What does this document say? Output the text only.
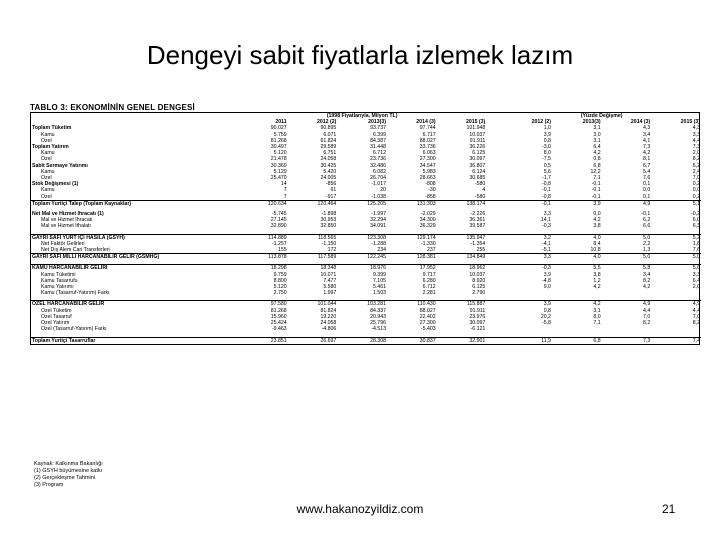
Dengeyi sabit fiyatlarla izlemek lazım
TABLO 3: EKONOMİNİN GENEL DENGESİ
	(1998 Fiyatlarıyla, Milyon TL)						(Yüzde Değişme)			
	2011	2012 (2)	2013(3)	2014 (3)	2015 (3)		2012 (2)	2013(3)	2014 (3)	2015 (3)
Toplam Tüketim	90.027	90.895	93.737	97.744	101.948		1,0	3,1	4,3	4,3
Kamu	5.759	6.071	6.399	6.717	10.037		3,9	3,0	3,4	3,3
Özel	81.268	61.824	84.387	88.027	91.911		0,8	3,1	4,1	4,4
Toplam Yatırım	30.497	29.589	31.448	33.736	36.226		-3,0	6,4	7,3	7,3
Kamu	5.120	6.751	6.712	6.063	6.125		8,0	4,2	4,2	2,0
Özel	21.478	24.058	23.736	27.300	30.097		-7,5	0,8	8,1	8,2
Sabit Sermaye Yatırımı	30.369	30.425	32.486	34.547	36.807		0,5	6,8	6,7	6,2
Kamu	5.129	5.420	6.082	5.983	6.124		5,6	12,2	5,4	2,4
Özel	25.470	24.005	26.704	28.663	30.685		-1,7	7,1	7,6	7,0
Stok Değişmesi (1)	14	-856	-1.017	-808	-580		-0,8	-0,1	0,1	0,2
Kamu	7	61	20	-30	4		-0,1	-0,1	0,0	0,0
Özel	7	-917	-1.038	-858	-580		-0,8	-0,1	0,1	0,2
Toplam Yurtiçi Talep (Toplam Kaynaklar)	120.634	120.464	125.205	131.303	138.174		-0,1	3,9	4,9	5,1

Net Mal ve Hizmet İhracatı (1)	-5.745	-1.898	-1.997	-2.029	-2.226		3,3	0,0	-0,1	-0,2
Mal ve Hizmet İhracatı	27.145	30.953	32.294	34.300	36.361		14,1	4,2	6,2	6,0
Mal ve Hizmet İthalatı	32.890	32.850	34.091	36.329	39.587		-0,3	3,8	6,6	6,3

GAYRİ SAFİ YURT İÇİ HASILA (GSYH)	114.889	118.565	123.308	129.174	135.947		3,2	4,0	5,0	5,2
Net Faktör Gelirleri	-1.257	-1.150	-1.288	-1.330	-1.354		-4,1	8,4	2,2	1,8
Net Dış Alem Cari Transferleri	155	172	234	237	255		-5,1	10,8	1,3	7,6
GAYRİ SAFİ MİLLİ HARCANABİLİR GELİR (GSMHG)	113.878	117.589	122.245	128.381	134.849		3,3	4,0	5,0	5,0

KAMU HARCANABİLİR GELİRİ	18.298	18.348	18.976	17.952	18.962		-0,3	5,5	5,8	5,6
Kamu Tüketimi	9.759	10.071	9.399	9.717	10.037		3,9	3,8	3,4	3,3
Kamu Tasarrufu	8.800	7.477	7.105	6.280	8.920		-4,8	1,2	8,2	6,4
Kamu Yatırımı	5.120	5.580	5.461	6.712	6.125		9,0	4,2	4,2	2,0
Kamu (Tasarruf-Yatırım) Farkı	2.750	1.997	1.503	2.281	2.790					

ÖZEL HARCANABİLİR GELİR	97.580	101.044	103.281	110.430	115.887		3,9	4,2	4,9	4,9
Özel Tüketim	81.268	81.824	84.337	88.027	91.911		0,8	3,1	4,4	4,4
Özel Tasarruf	15.960	19.220	20.943	22.402	23.976		20,2	8,0	7,0	7,0
Özel Yatırım	25.424	24.058	25.796	27.300	30.097		-5,8	7,1	8,2	8,2
Özel (Tasarruf-Yatırım) Farkı	-9.463	-4.806	-4.513	-5.403	-6.121					

Toplam Yurtiçi Tasarruflar	23.851	26.697	28.308	30.837	32.901		11,9	6,8	7,3	7,4
Kaynak: Kalkınma Bakanlığı
(1) GSYH büyümesine katkı
(2) Gerçekleşme Tahmini
(3) Program
www.hakanozyildiz.com	21
